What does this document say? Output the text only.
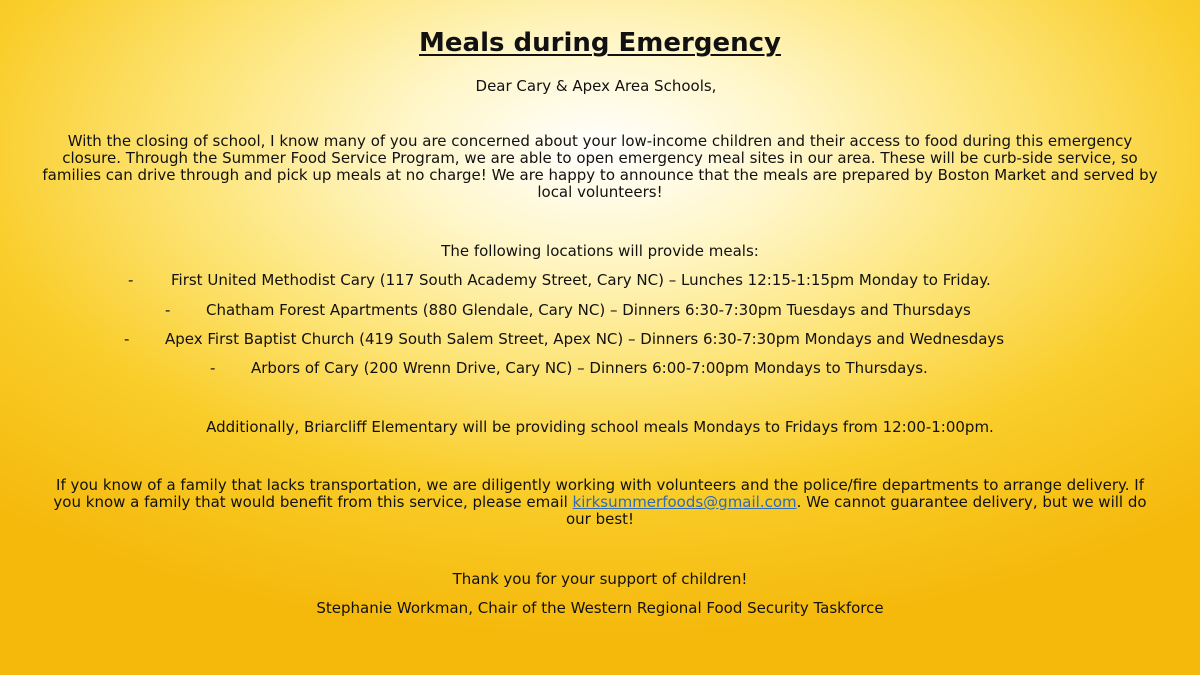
Meals during Emergency
Dear Cary & Apex Area Schools,
With the closing of school, I know many of you are concerned about your low-income children and their access to food during this emergency closure. Through the Summer Food Service Program, we are able to open emergency meal sites in our area. These will be curb-side service, so families can drive through and pick up meals at no charge! We are happy to announce that the meals are prepared by Boston Market and served by local volunteers!
The following locations will provide meals:
-	First United Methodist Cary (117 South Academy Street, Cary NC) – Lunches 12:15-1:15pm Monday to Friday.
- Chatham Forest Apartments (880 Glendale, Cary NC) – Dinners 6:30-7:30pm Tuesdays and Thursdays
- Apex First Baptist Church (419 South Salem Street, Apex NC) – Dinners 6:30-7:30pm Mondays and Wednesdays
- Arbors of Cary (200 Wrenn Drive, Cary NC) – Dinners 6:00-7:00pm Mondays to Thursdays.
Additionally, Briarcliff Elementary will be providing school meals Mondays to Fridays from 12:00-1:00pm.
If you know of a family that lacks transportation, we are diligently working with volunteers and the police/fire departments to arrange delivery. If you know a family that would benefit from this service, please email kirksummerfoods@gmail.com. We cannot guarantee delivery, but we will do our best!
Thank you for your support of children!
Stephanie Workman, Chair of the Western Regional Food Security Taskforce
